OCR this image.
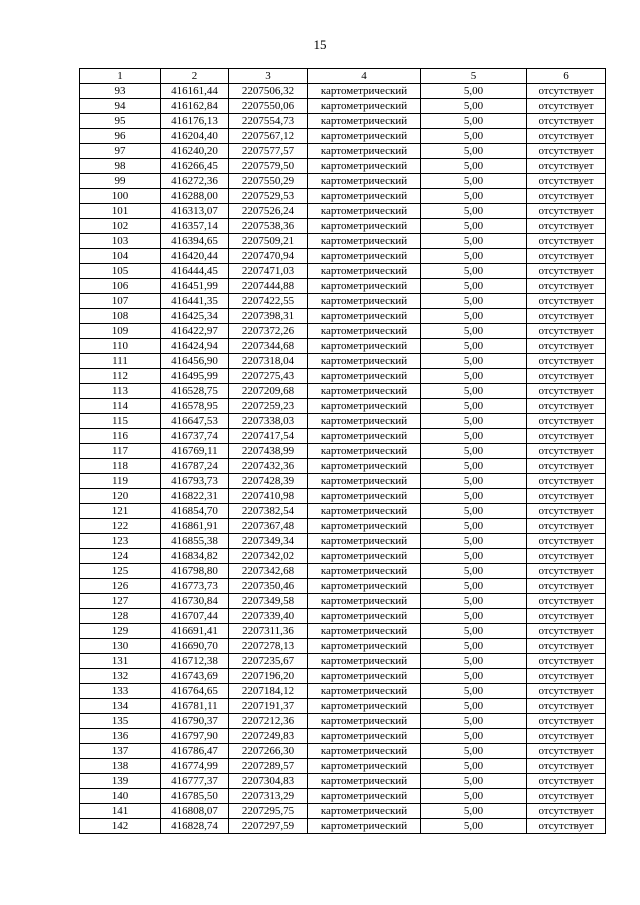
15
1	2	3	4	5	6
93	416161,44	2207506,32	картометрический	5,00	отсутствует
94	416162,84	2207550,06	картометрический	5,00	отсутствует
95	416176,13	2207554,73	картометрический	5,00	отсутствует
96	416204,40	2207567,12	картометрический	5,00	отсутствует
97	416240,20	2207577,57	картометрический	5,00	отсутствует
98	416266,45	2207579,50	картометрический	5,00	отсутствует
99	416272,36	2207550,29	картометрический	5,00	отсутствует
100	416288,00	2207529,53	картометрический	5,00	отсутствует
101	416313,07	2207526,24	картометрический	5,00	отсутствует
102	416357,14	2207538,36	картометрический	5,00	отсутствует
103	416394,65	2207509,21	картометрический	5,00	отсутствует
104	416420,44	2207470,94	картометрический	5,00	отсутствует
105	416444,45	2207471,03	картометрический	5,00	отсутствует
106	416451,99	2207444,88	картометрический	5,00	отсутствует
107	416441,35	2207422,55	картометрический	5,00	отсутствует
108	416425,34	2207398,31	картометрический	5,00	отсутствует
109	416422,97	2207372,26	картометрический	5,00	отсутствует
110	416424,94	2207344,68	картометрический	5,00	отсутствует
111	416456,90	2207318,04	картометрический	5,00	отсутствует
112	416495,99	2207275,43	картометрический	5,00	отсутствует
113	416528,75	2207209,68	картометрический	5,00	отсутствует
114	416578,95	2207259,23	картометрический	5,00	отсутствует
115	416647,53	2207338,03	картометрический	5,00	отсутствует
116	416737,74	2207417,54	картометрический	5,00	отсутствует
117	416769,11	2207438,99	картометрический	5,00	отсутствует
118	416787,24	2207432,36	картометрический	5,00	отсутствует
119	416793,73	2207428,39	картометрический	5,00	отсутствует
120	416822,31	2207410,98	картометрический	5,00	отсутствует
121	416854,70	2207382,54	картометрический	5,00	отсутствует
122	416861,91	2207367,48	картометрический	5,00	отсутствует
123	416855,38	2207349,34	картометрический	5,00	отсутствует
124	416834,82	2207342,02	картометрический	5,00	отсутствует
125	416798,80	2207342,68	картометрический	5,00	отсутствует
126	416773,73	2207350,46	картометрический	5,00	отсутствует
127	416730,84	2207349,58	картометрический	5,00	отсутствует
128	416707,44	2207339,40	картометрический	5,00	отсутствует
129	416691,41	2207311,36	картометрический	5,00	отсутствует
130	416690,70	2207278,13	картометрический	5,00	отсутствует
131	416712,38	2207235,67	картометрический	5,00	отсутствует
132	416743,69	2207196,20	картометрический	5,00	отсутствует
133	416764,65	2207184,12	картометрический	5,00	отсутствует
134	416781,11	2207191,37	картометрический	5,00	отсутствует
135	416790,37	2207212,36	картометрический	5,00	отсутствует
136	416797,90	2207249,83	картометрический	5,00	отсутствует
137	416786,47	2207266,30	картометрический	5,00	отсутствует
138	416774,99	2207289,57	картометрический	5,00	отсутствует
139	416777,37	2207304,83	картометрический	5,00	отсутствует
140	416785,50	2207313,29	картометрический	5,00	отсутствует
141	416808,07	2207295,75	картометрический	5,00	отсутствует
142	416828,74	2207297,59	картометрический	5,00	отсутствует
